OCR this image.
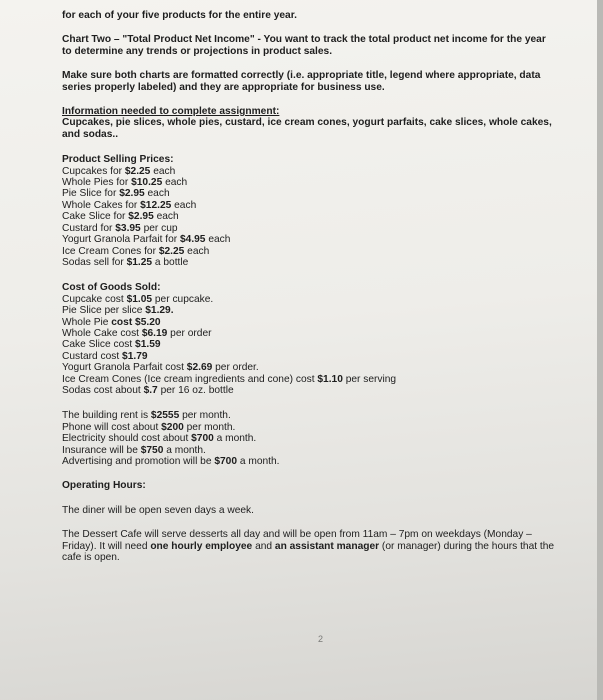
for each of your five products for the entire year.

Chart Two – "Total Product Net Income" - You want to track the total product net income for the year to determine any trends or projections in product sales.

Make sure both charts are formatted correctly (i.e. appropriate title, legend where appropriate, data series properly labeled) and they are appropriate for business use.

Information needed to complete assignment:

Cupcakes, pie slices, whole pies, custard, ice cream cones, yogurt parfaits, cake slices, whole cakes, and sodas..

Product Selling Prices:

Cupcakes for $2.25 each

Whole Pies for $10.25 each

Pie Slice for $2.95 each

Whole Cakes for $12.25 each

Cake Slice for $2.95 each

Custard for $3.95 per cup

Yogurt Granola Parfait for $4.95 each

Ice Cream Cones for $2.25 each

Sodas sell for $1.25 a bottle

Cost of Goods Sold:

Cupcake cost $1.05 per cupcake.

Pie Slice per slice $1.29.

Whole Pie cost $5.20

Whole Cake cost $6.19 per order

Cake Slice cost $1.59

Custard cost $1.79

Yogurt Granola Parfait cost $2.69 per order.

Ice Cream Cones (Ice cream ingredients and cone) cost $1.10 per serving

Sodas cost about $.7 per 16 oz. bottle

The building rent is $2555 per month.

Phone will cost about $200 per month.

Electricity should cost about $700 a month.

Insurance will be $750 a month.

Advertising and promotion will be $700 a month.

Operating Hours:

The diner will be open seven days a week.

The Dessert Cafe will serve desserts all day and will be open from 11am – 7pm on weekdays (Monday – Friday). It will need one hourly employee and an assistant manager (or manager) during the hours that the cafe is open.

2
